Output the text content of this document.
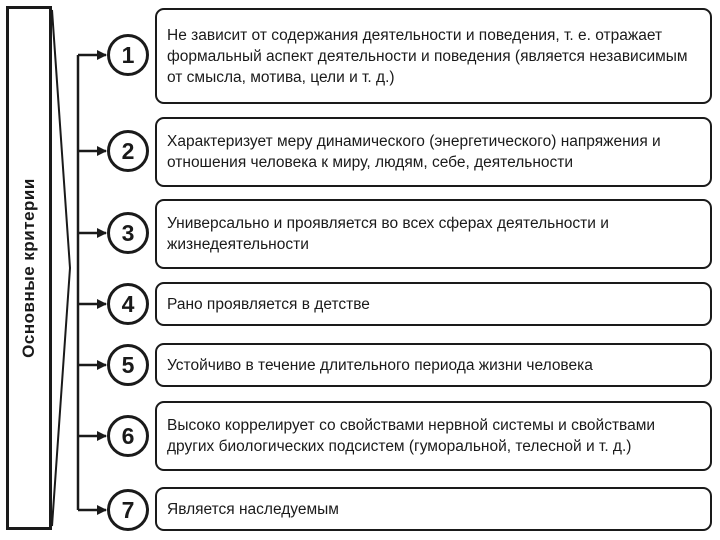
Основные критерии
1
Не зависит от содержания деятельности и поведения, т. е. отражает формальный аспект деятельности и поведения (является независимым от смысла, мотива, цели и т. д.)
2	Характеризует меру динамического (энергетического) напряжения и отношения человека к миру, людям, себе, деятельности
3	Универсально и проявляется во всех сферах деятельности и жизнедеятельности
4	Рано проявляется в детстве
5	Устойчиво в течение длительного периода жизни человека
6	Высоко коррелирует со свойствами нервной системы и свойствами других биологических подсистем (гуморальной, телесной и т. д.)
7	Является наследуемым
